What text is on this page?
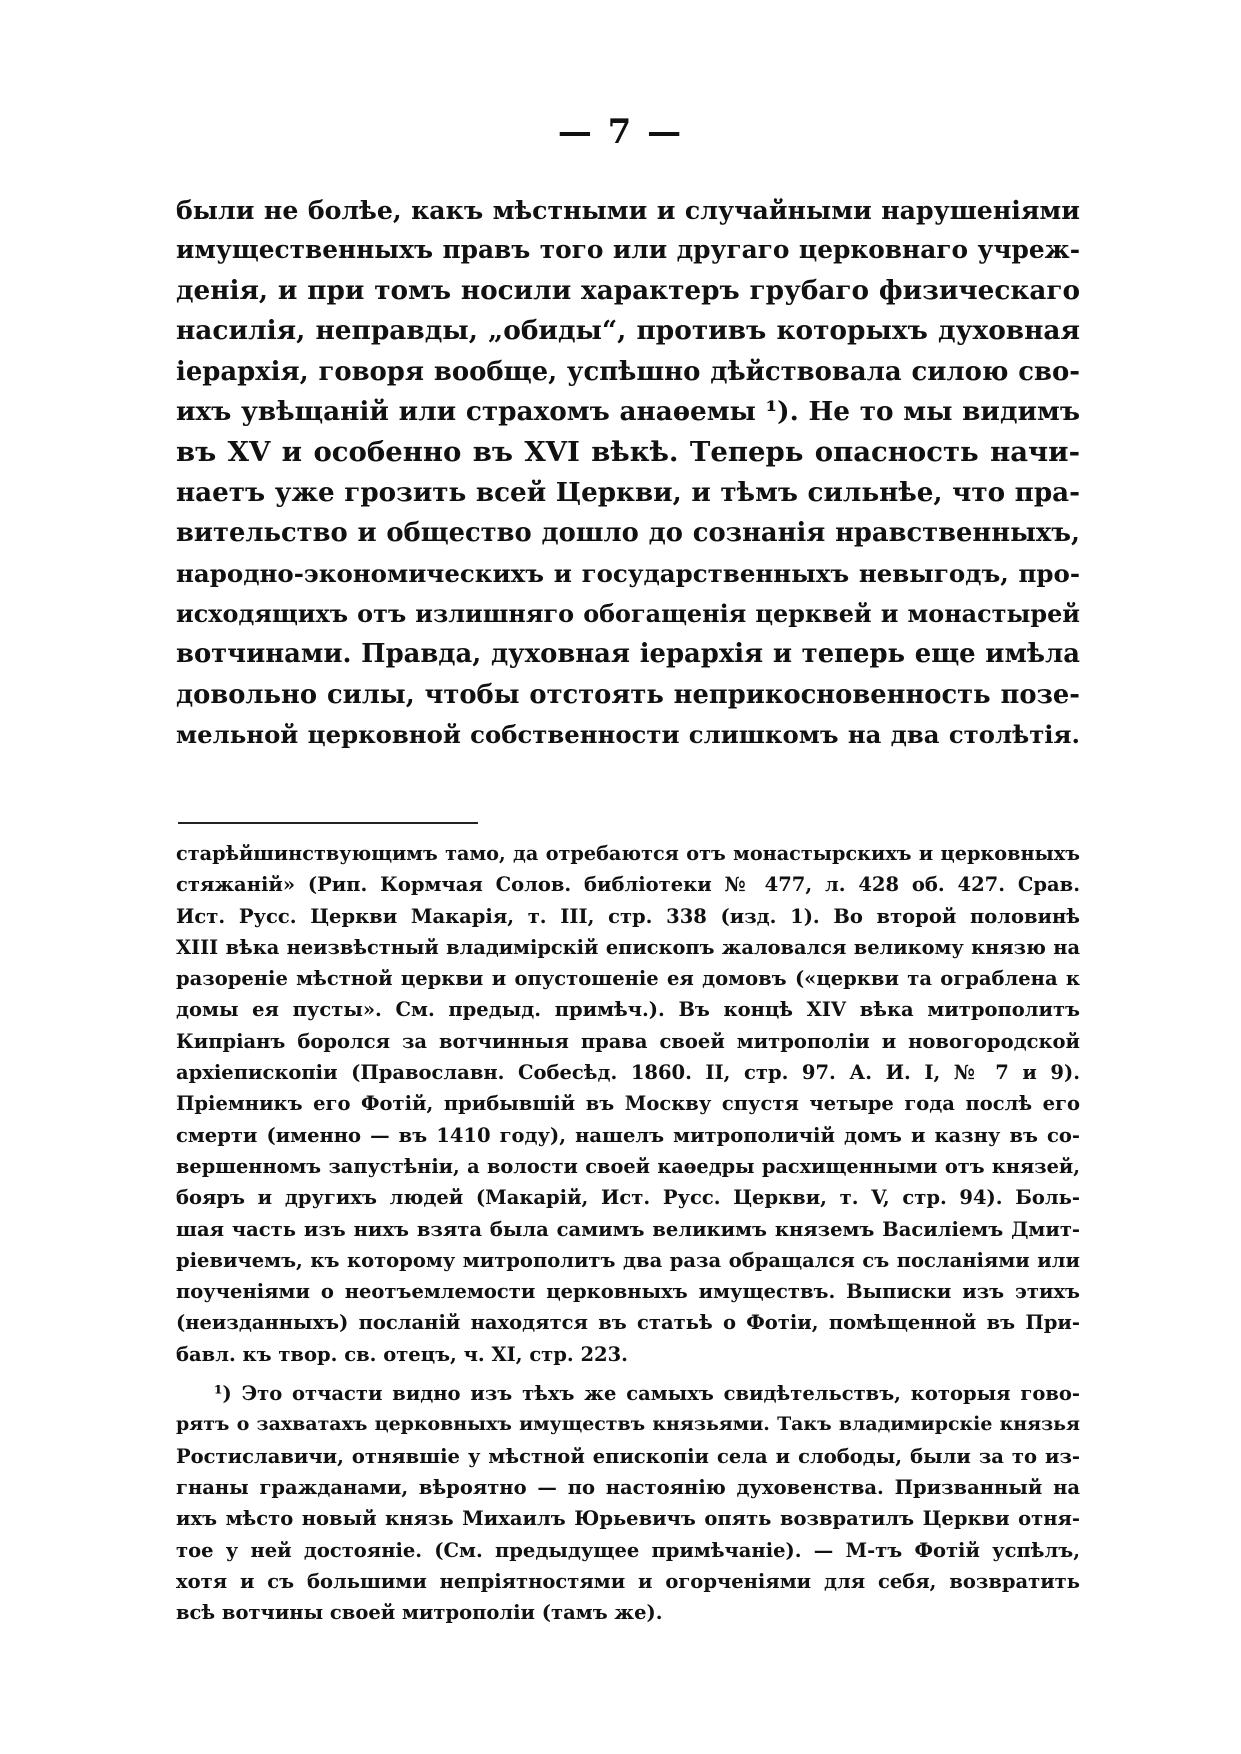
— 7 —
были не болѣе, какъ мѣстными и случайными нарушеніями
имущественныхъ правъ того или другаго церковнаго учреж-
денія, и при томъ носили характеръ грубаго физическаго
насилія, неправды, „обиды“, противъ которыхъ духовная
іерархія, говоря вообще, успѣшно дѣйствовала силою сво-
ихъ увѣщаній или страхомъ анаѳемы ¹). Не то мы видимъ
въ XV и особенно въ XVI вѣкѣ. Теперь опасность начи-
наетъ уже грозить всей Церкви, и тѣмъ сильнѣе, что пра-
вительство и общество дошло до сознанія нравственныхъ,
народно-экономическихъ и государственныхъ невыгодъ, про-
исходящихъ отъ излишняго обогащенія церквей и монастырей
вотчинами. Правда, духовная іерархія и теперь еще имѣла
довольно силы, чтобы отстоять неприкосновенность позе-
мельной церковной собственности слишкомъ на два столѣтія.
старѣйшинствующимъ тамо, да отребаются отъ монастырскихъ и церковныхъ
стяжаній» (Рип. Кормчая Солов. библіотеки № 477, л. 428 об. 427. Срав.
Ист. Русс. Церкви Макарія, т. III, стр. 338 (изд. 1). Во второй половинѣ
XIII вѣка неизвѣстный владимірскій епископъ жаловался великому князю на
разореніе мѣстной церкви и опустошеніе ея домовъ («церкви та ограблена к
домы ея пусты». См. предыд. примѣч.). Въ концѣ XIV вѣка митрополитъ
Кипріанъ боролся за вотчинныя права своей митрополіи и новогородской
архіепископіи (Православн. Собесѣд. 1860. II, стр. 97. А. И. I, № 7 и 9).
Пріемникъ его Фотій, прибывшій въ Москву спустя четыре года послѣ его
смерти (именно — въ 1410 году), нашелъ митрополичій домъ и казну въ со-
вершенномъ запустѣніи, а волости своей каѳедры расхищенными отъ князей,
бояръ и другихъ людей (Макарій, Ист. Русс. Церкви, т. V, стр. 94). Боль-
шая часть изъ нихъ взята была самимъ великимъ княземъ Василіемъ Дмит-
ріевичемъ, къ которому митрополитъ два раза обращался съ посланіями или
поученіями о неотъемлемости церковныхъ имуществъ. Выписки изъ этихъ
(неизданныхъ) посланій находятся въ статьѣ о Фотіи, помѣщенной въ При-
бавл. къ твор. св. отецъ, ч. XI, стр. 223.
¹) Это отчасти видно изъ тѣхъ же самыхъ свидѣтельствъ, которыя гово-
рятъ о захватахъ церковныхъ имуществъ князьями. Такъ владимирскіе князья
Ростиславичи, отнявшіе у мѣстной епископіи села и слободы, были за то из-
гнаны гражданами, вѣроятно — по настоянію духовенства. Призванный на
ихъ мѣсто новый князь Михаилъ Юрьевичъ опять возвратилъ Церкви отня-
тое у ней достояніе. (См. предыдущее примѣчаніе). — М-тъ Фотій успѣлъ,
хотя и съ большими непріятностями и огорченіями для себя, возвратить
всѣ вотчины своей митрополіи (тамъ же).
